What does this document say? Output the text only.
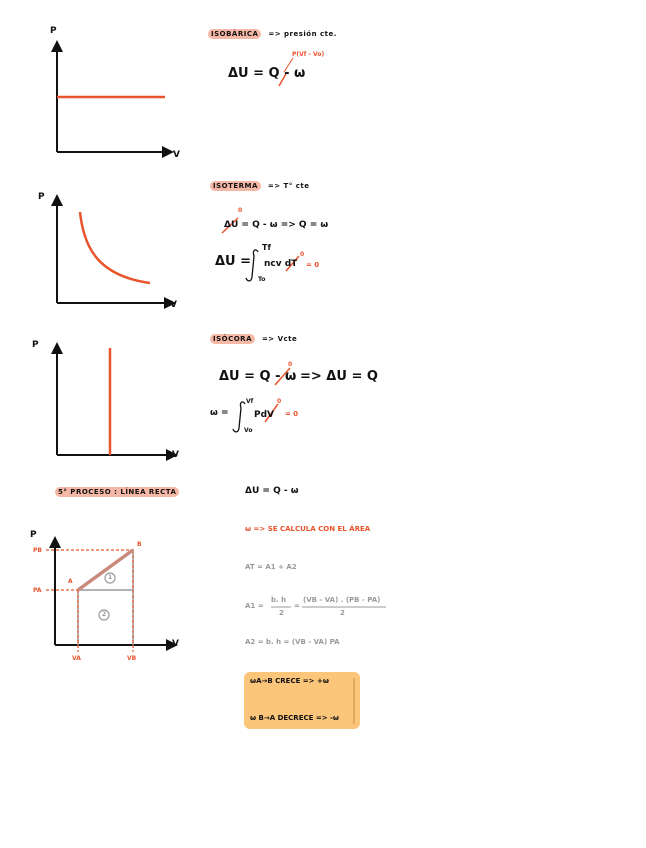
P
V
ISOBÁRICA => presión cte.
P(Vf - Vo)
ΔU = Q - ω
P
V
ISOTERMA => T° cte
0
ΔU = Q - ω => Q = ω
ΔU =
Tf
To
ncv dT
0
= 0
P
V
ISÓCORA => Vcte
0
ΔU = Q - ω => ΔU = Q
ω =
Vf
Vo
PdV
0
= 0
5° PROCESO : LÍNEA RECTA
P
V
PB
PA
VA	VB
A
B
1
2
ΔU = Q - ω
ω => SE CALCULA CON EL ÁREA
AT = A1 + A2
A1 =
b. h
2
=
(VB - VA) . (PB - PA)
2
A2 = b. h = (VB - VA) PA
ωA→B CRECE => +ω
ω B→A DECRECE => -ω
